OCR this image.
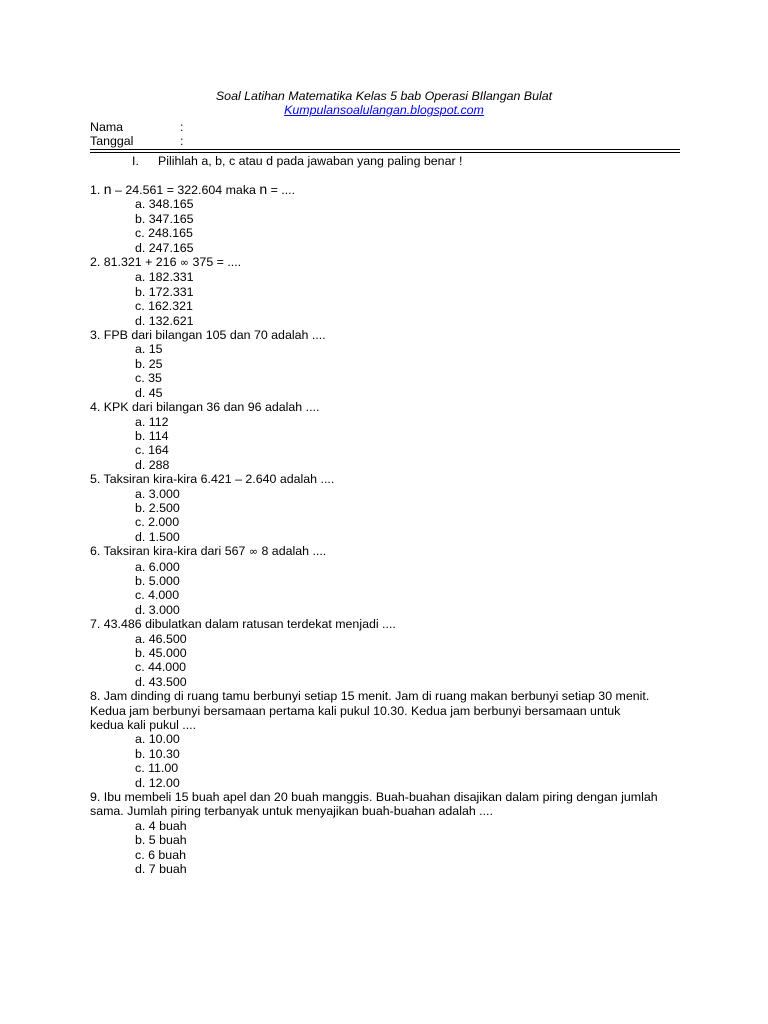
Soal Latihan Matematika Kelas 5 bab Operasi BIlangan Bulat
Kumpulansoalulangan.blogspot.com
Nama	:
Tanggal	:
I. Pilihlah a, b, c atau d pada jawaban yang paling benar !
1. n – 24.561 = 322.604 maka n = ....
a. 348.165
b. 347.165
c. 248.165
d. 247.165
2. 81.321 + 216 ∞ 375 = ....
a. 182.331
b. 172.331
c. 162.321
d. 132.621
3. FPB dari bilangan 105 dan 70 adalah ....
a. 15
b. 25
c. 35
d. 45
4. KPK dari bilangan 36 dan 96 adalah ....
a. 112
b. 114
c. 164
d. 288
5. Taksiran kira-kira 6.421 – 2.640 adalah ....
a. 3.000
b. 2.500
c. 2.000
d. 1.500
6. Taksiran kira-kira dari 567 ∞ 8 adalah ....
a. 6.000
b. 5.000
c. 4.000
d. 3.000
7. 43.486 dibulatkan dalam ratusan terdekat menjadi ....
a. 46.500
b. 45.000
c. 44.000
d. 43.500
8. Jam dinding di ruang tamu berbunyi setiap 15 menit. Jam di ruang makan berbunyi setiap 30 menit.
Kedua jam berbunyi bersamaan pertama kali pukul 10.30. Kedua jam berbunyi bersamaan untuk
kedua kali pukul ....
a. 10.00
b. 10.30
c. 11.00
d. 12.00
9. Ibu membeli 15 buah apel dan 20 buah manggis. Buah-buahan disajikan dalam piring dengan jumlah
sama. Jumlah piring terbanyak untuk menyajikan buah-buahan adalah ....
a. 4 buah
b. 5 buah
c. 6 buah
d. 7 buah
